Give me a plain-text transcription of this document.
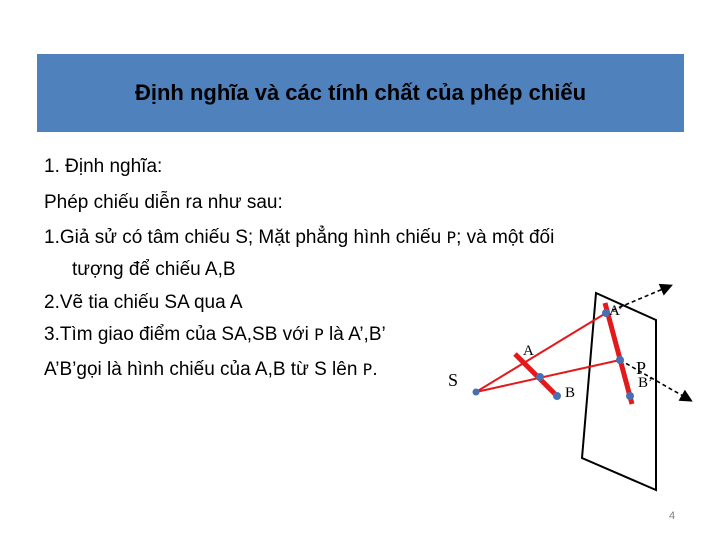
Định nghĩa và các tính chất của phép chiếu
1. Định nghĩa:
Phép chiếu diễn ra như sau:
1.Giả sử có tâm chiếu S; Mặt phẳng hình chiếu P; và một đối
tượng để chiếu A,B
2.Vẽ tia chiếu SA qua A
3.Tìm giao điểm của SA,SB với P là A’,B’
A’B’gọi là hình chiếu của A,B từ S lên P.	S
A
B
A’
B’
P
4
